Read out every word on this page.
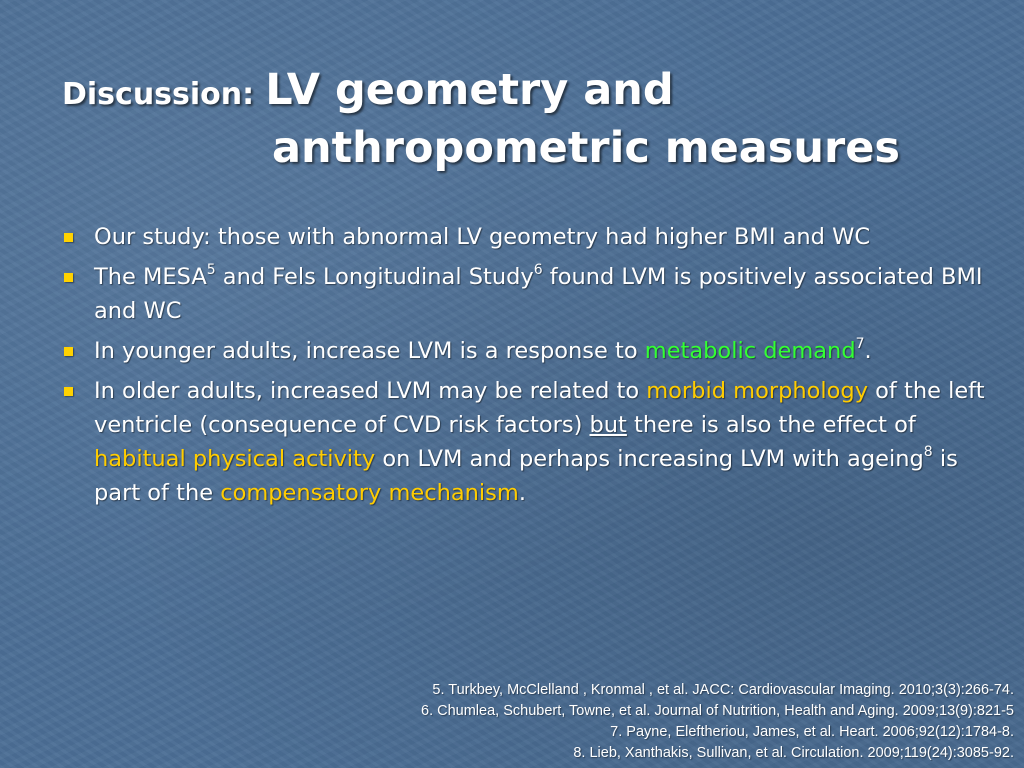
Discussion: LV geometry and
anthropometric measures
Our study: those with abnormal LV geometry had higher BMI and WC
The MESA$^5$ and Fels Longitudinal Study$^6$ found LVM is positively associated BMI and WC
In younger adults, increase LVM is a response to metabolic demand$^7$.
In older adults, increased LVM may be related to morbid morphology of the left ventricle (consequence of CVD risk factors) but there is also the effect of habitual physical activity on LVM and perhaps increasing LVM with ageing$^8$ is part of the compensatory mechanism.
5. Turkbey, McClelland , Kronmal , et al. JACC: Cardiovascular Imaging. 2010;3(3):266-74.
6. Chumlea, Schubert, Towne, et al. Journal of Nutrition, Health and Aging. 2009;13(9):821-5
7. Payne, Eleftheriou, James, et al. Heart. 2006;92(12):1784-8.
8. Lieb, Xanthakis, Sullivan, et al. Circulation. 2009;119(24):3085-92.
